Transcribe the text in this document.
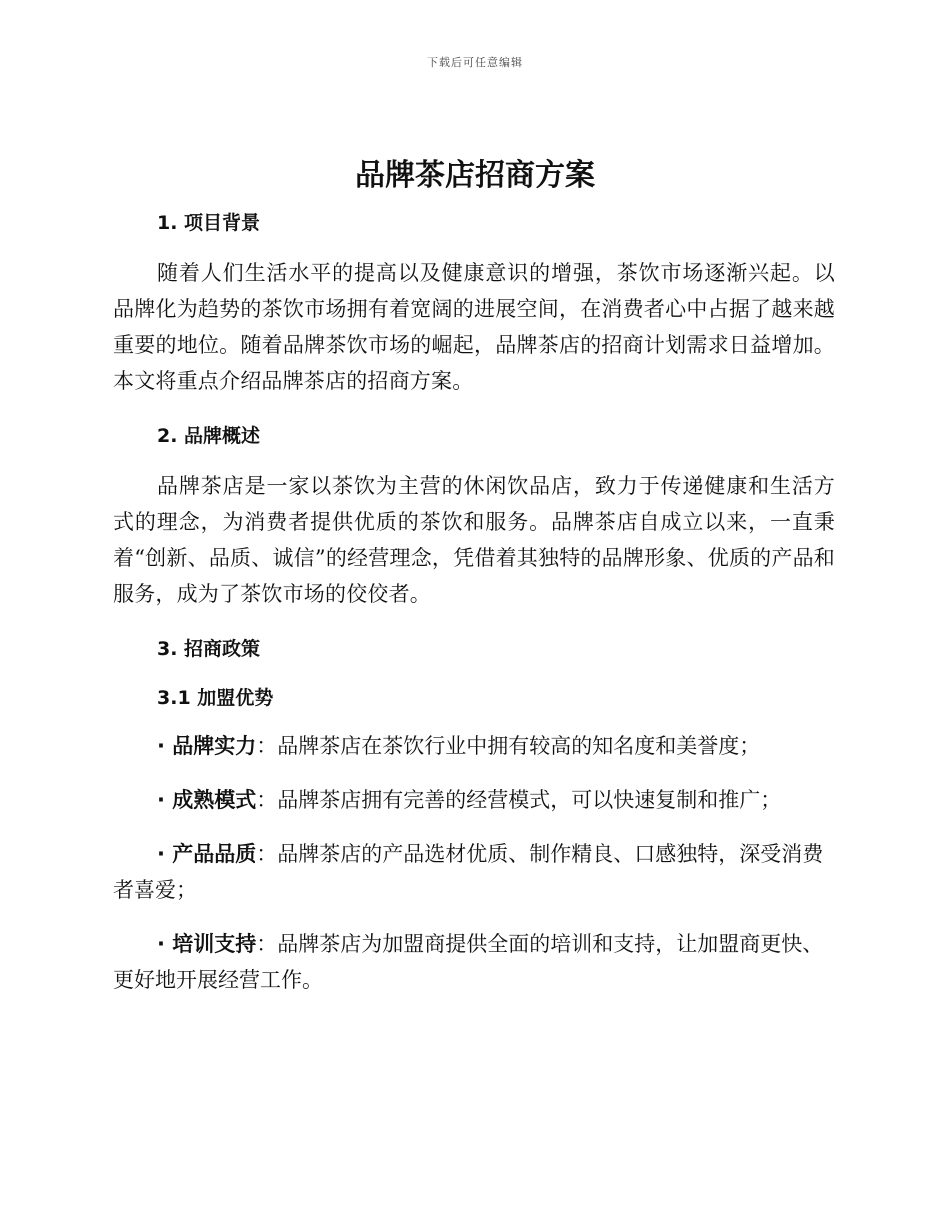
下载后可任意编辑
品牌茶店招商方案
1. 项目背景

随着人们生活水平的提高以及健康意识的增强，茶饮市场逐渐兴起。以品牌化为趋势的茶饮市场拥有着宽阔的进展空间，在消费者心中占据了越来越重要的地位。随着品牌茶饮市场的崛起，品牌茶店的招商计划需求日益增加。本文将重点介绍品牌茶店的招商方案。

2. 品牌概述

品牌茶店是一家以茶饮为主营的休闲饮品店，致力于传递健康和生活方式的理念，为消费者提供优质的茶饮和服务。品牌茶店自成立以来，一直秉着“创新、品质、诚信”的经营理念，凭借着其独特的品牌形象、优质的产品和服务，成为了茶饮市场的佼佼者。

3. 招商政策
3.1 加盟优势

· 品牌实力：品牌茶店在茶饮行业中拥有较高的知名度和美誉度；

· 成熟模式：品牌茶店拥有完善的经营模式，可以快速复制和推广；

· 产品品质：品牌茶店的产品选材优质、制作精良、口感独特，深受消费者喜爱；

· 培训支持：品牌茶店为加盟商提供全面的培训和支持，让加盟商更快、更好地开展经营工作。
